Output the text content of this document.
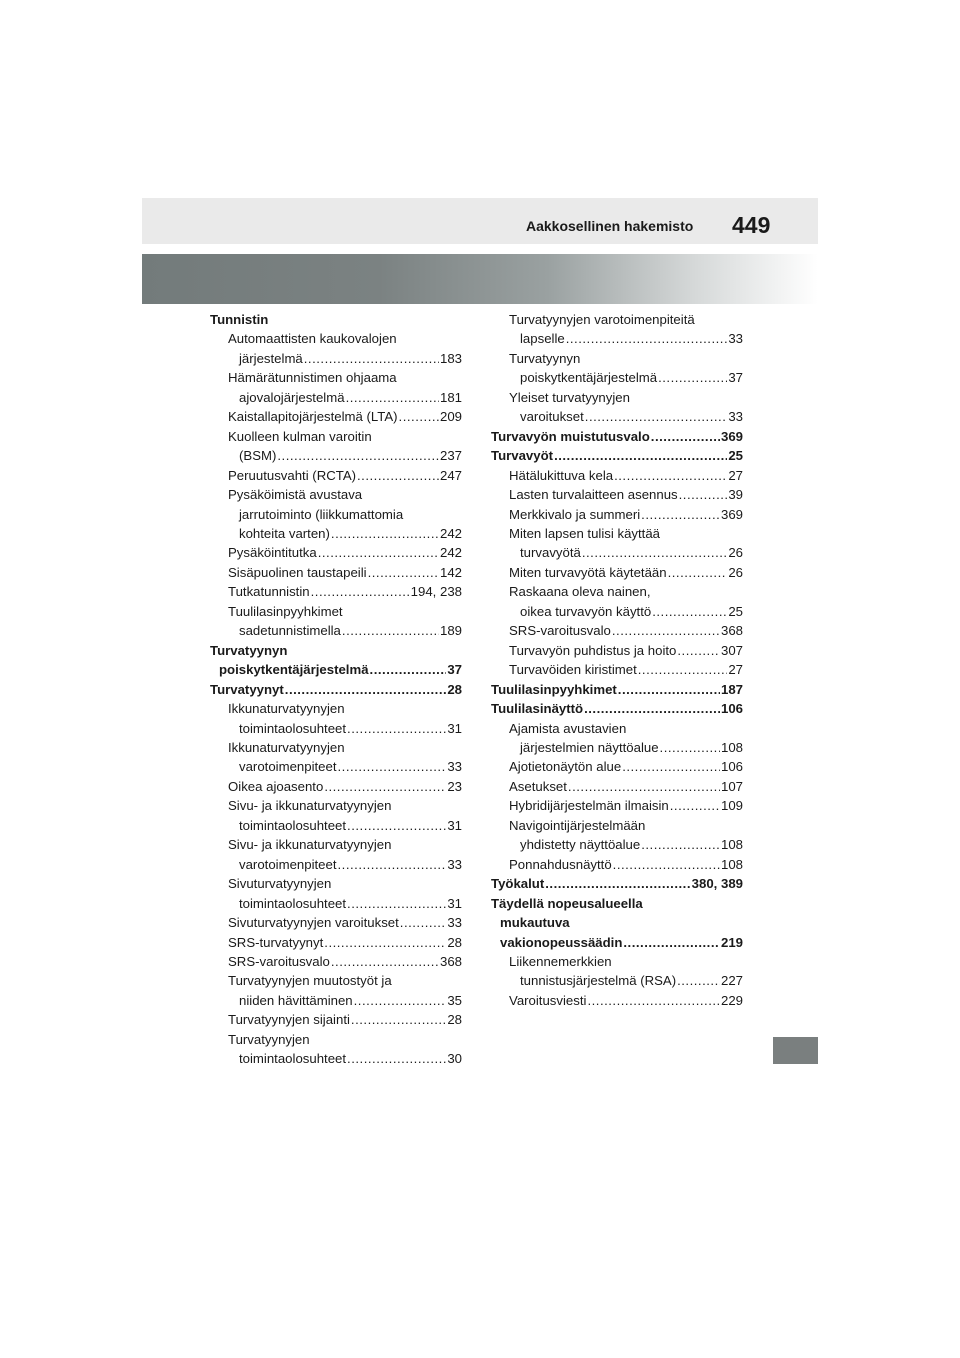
Aakkosellinen hakemisto 449
Tunnistin
Automaattisten kaukovalojen
järjestelmä .....	183
Hämärätunnistimen ohjaama
ajovalojärjestelmä .....	181
Kaistallapitojärjestelmä (LTA) .....	209
Kuolleen kulman varoitin
(BSM) .....	237
Peruutusvahti (RCTA) .....	247
Pysäköimistä avustava
jarrutoiminto (liikkumattomia
kohteita varten) .....	242
Pysäköintitutka .....	242
Sisäpuolinen taustapeili .....	142
Tutkatunnistin .....	194, 238
Tuulilasinpyyhkimet
sadetunnistimella .....	189
Turvatyynyn
poiskytkentäjärjestelmä .....	37
Turvatyynyt .....	28
Ikkunaturvatyynyjen
toimintaolosuhteet .....	31
Ikkunaturvatyynyjen
varotoimenpiteet .....	33
Oikea ajoasento .....	23
Sivu- ja ikkunaturvatyynyjen
toimintaolosuhteet .....	31
Sivu- ja ikkunaturvatyynyjen
varotoimenpiteet .....	33
Sivuturvatyynyjen
toimintaolosuhteet .....	31
Sivuturvatyynyjen varoitukset .....	33
SRS-turvatyynyt .....	28
SRS-varoitusvalo .....	368
Turvatyynyjen muutostyöt ja
niiden hävittäminen .....	35
Turvatyynyjen sijainti .....	28
Turvatyynyjen
toimintaolosuhteet .....	30
Turvatyynyjen varotoimenpiteitä
lapselle .....	33
Turvatyynyn
poiskytkentäjärjestelmä .....	37
Yleiset turvatyynyjen
varoitukset .....	33
Turvavyön muistutusvalo .....	369
Turvavyöt .....	25
Hätälukittuva kela .....	27
Lasten turvalaitteen asennus .....	39
Merkkivalo ja summeri .....	369
Miten lapsen tulisi käyttää
turvavyötä .....	26
Miten turvavyötä käytetään .....	26
Raskaana oleva nainen,
oikea turvavyön käyttö .....	25
SRS-varoitusvalo .....	368
Turvavyön puhdistus ja hoito .....	307
Turvavöiden kiristimet .....	27
Tuulilasinpyyhkimet .....	187
Tuulilasinäyttö .....	106
Ajamista avustavien
järjestelmien näyttöalue .....	108
Ajotietonäytön alue .....	106
Asetukset .....	107
Hybridijärjestelmän ilmaisin .....	109
Navigointijärjestelmään
yhdistetty näyttöalue .....	108
Ponnahdusnäyttö .....	108
Työkalut .....	380, 389
Täydellä nopeusalueella
mukautuva
vakionopeussäädin .....	219
Liikennemerkkien
tunnistusjärjestelmä (RSA) .....	227
Varoitusviesti .....	229
